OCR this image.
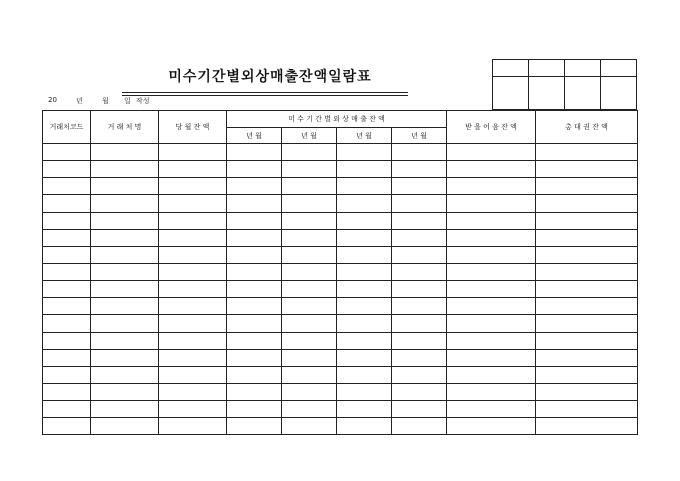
미수기간별외상매출잔액일람표
20	년	월 일 작성

거래처코드	거 래 처 명	당 월 잔 액	미 수 기 간 별 외 상 매 출 잔 액				받 을 어 음 잔 액	총 대 권 잔 액
			년 월	년 월	년 월	년 월		
